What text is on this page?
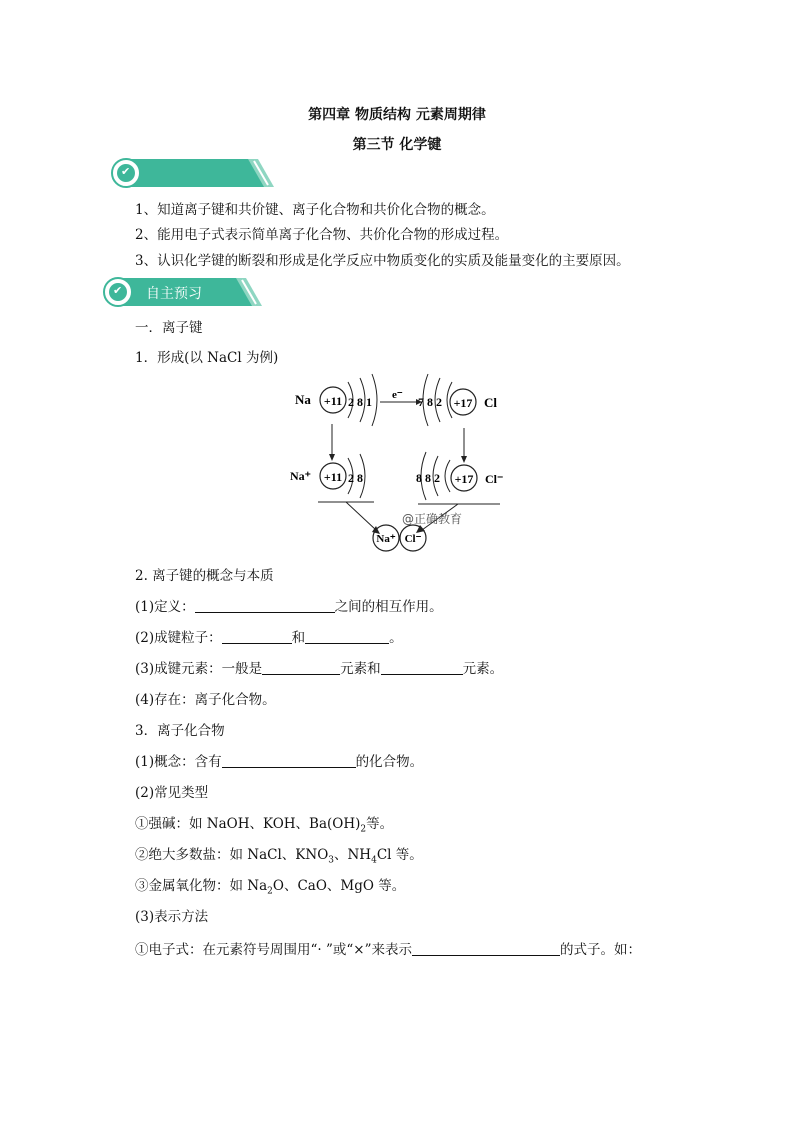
第四章 物质结构 元素周期律
第三节 化学键
✔
1、知道离子键和共价键、离子化合物和共价化合物的概念。
2、能用电子式表示简单离子化合物、共价化合物的形成过程。
3、认识化学键的断裂和形成是化学反应中物质变化的实质及能量变化的主要原因。
✔ 自主预习
一．离子键
1．形成(以 NaCl 为例)
Na +11 2 8 1 e⁻ 7 8 2 +17 Cl
Na⁺ +11 2 8	8 8 2 +17 Cl⁻
Na⁺ Cl⁻
@正确教育
2. 离子键的概念与本质
(1)定义：	之间的相互作用。
(2)成键粒子：	和	。
(3)成键元素：一般是	元素和	元素。
(4)存在：离子化合物。
3．离子化合物
(1)概念：含有	的化合物。
(2)常见类型
①强碱：如 NaOH、KOH、$Ba(OH)_2$等。
②绝大多数盐：如 NaCl、$KNO_3$、$NH_4Cl$ 等。
③金属氧化物：如 $Na_2O$、CaO、MgO 等。
(3)表示方法
①电子式：在元素符号周围用“· ”或“×”来表示	的式子。如：
